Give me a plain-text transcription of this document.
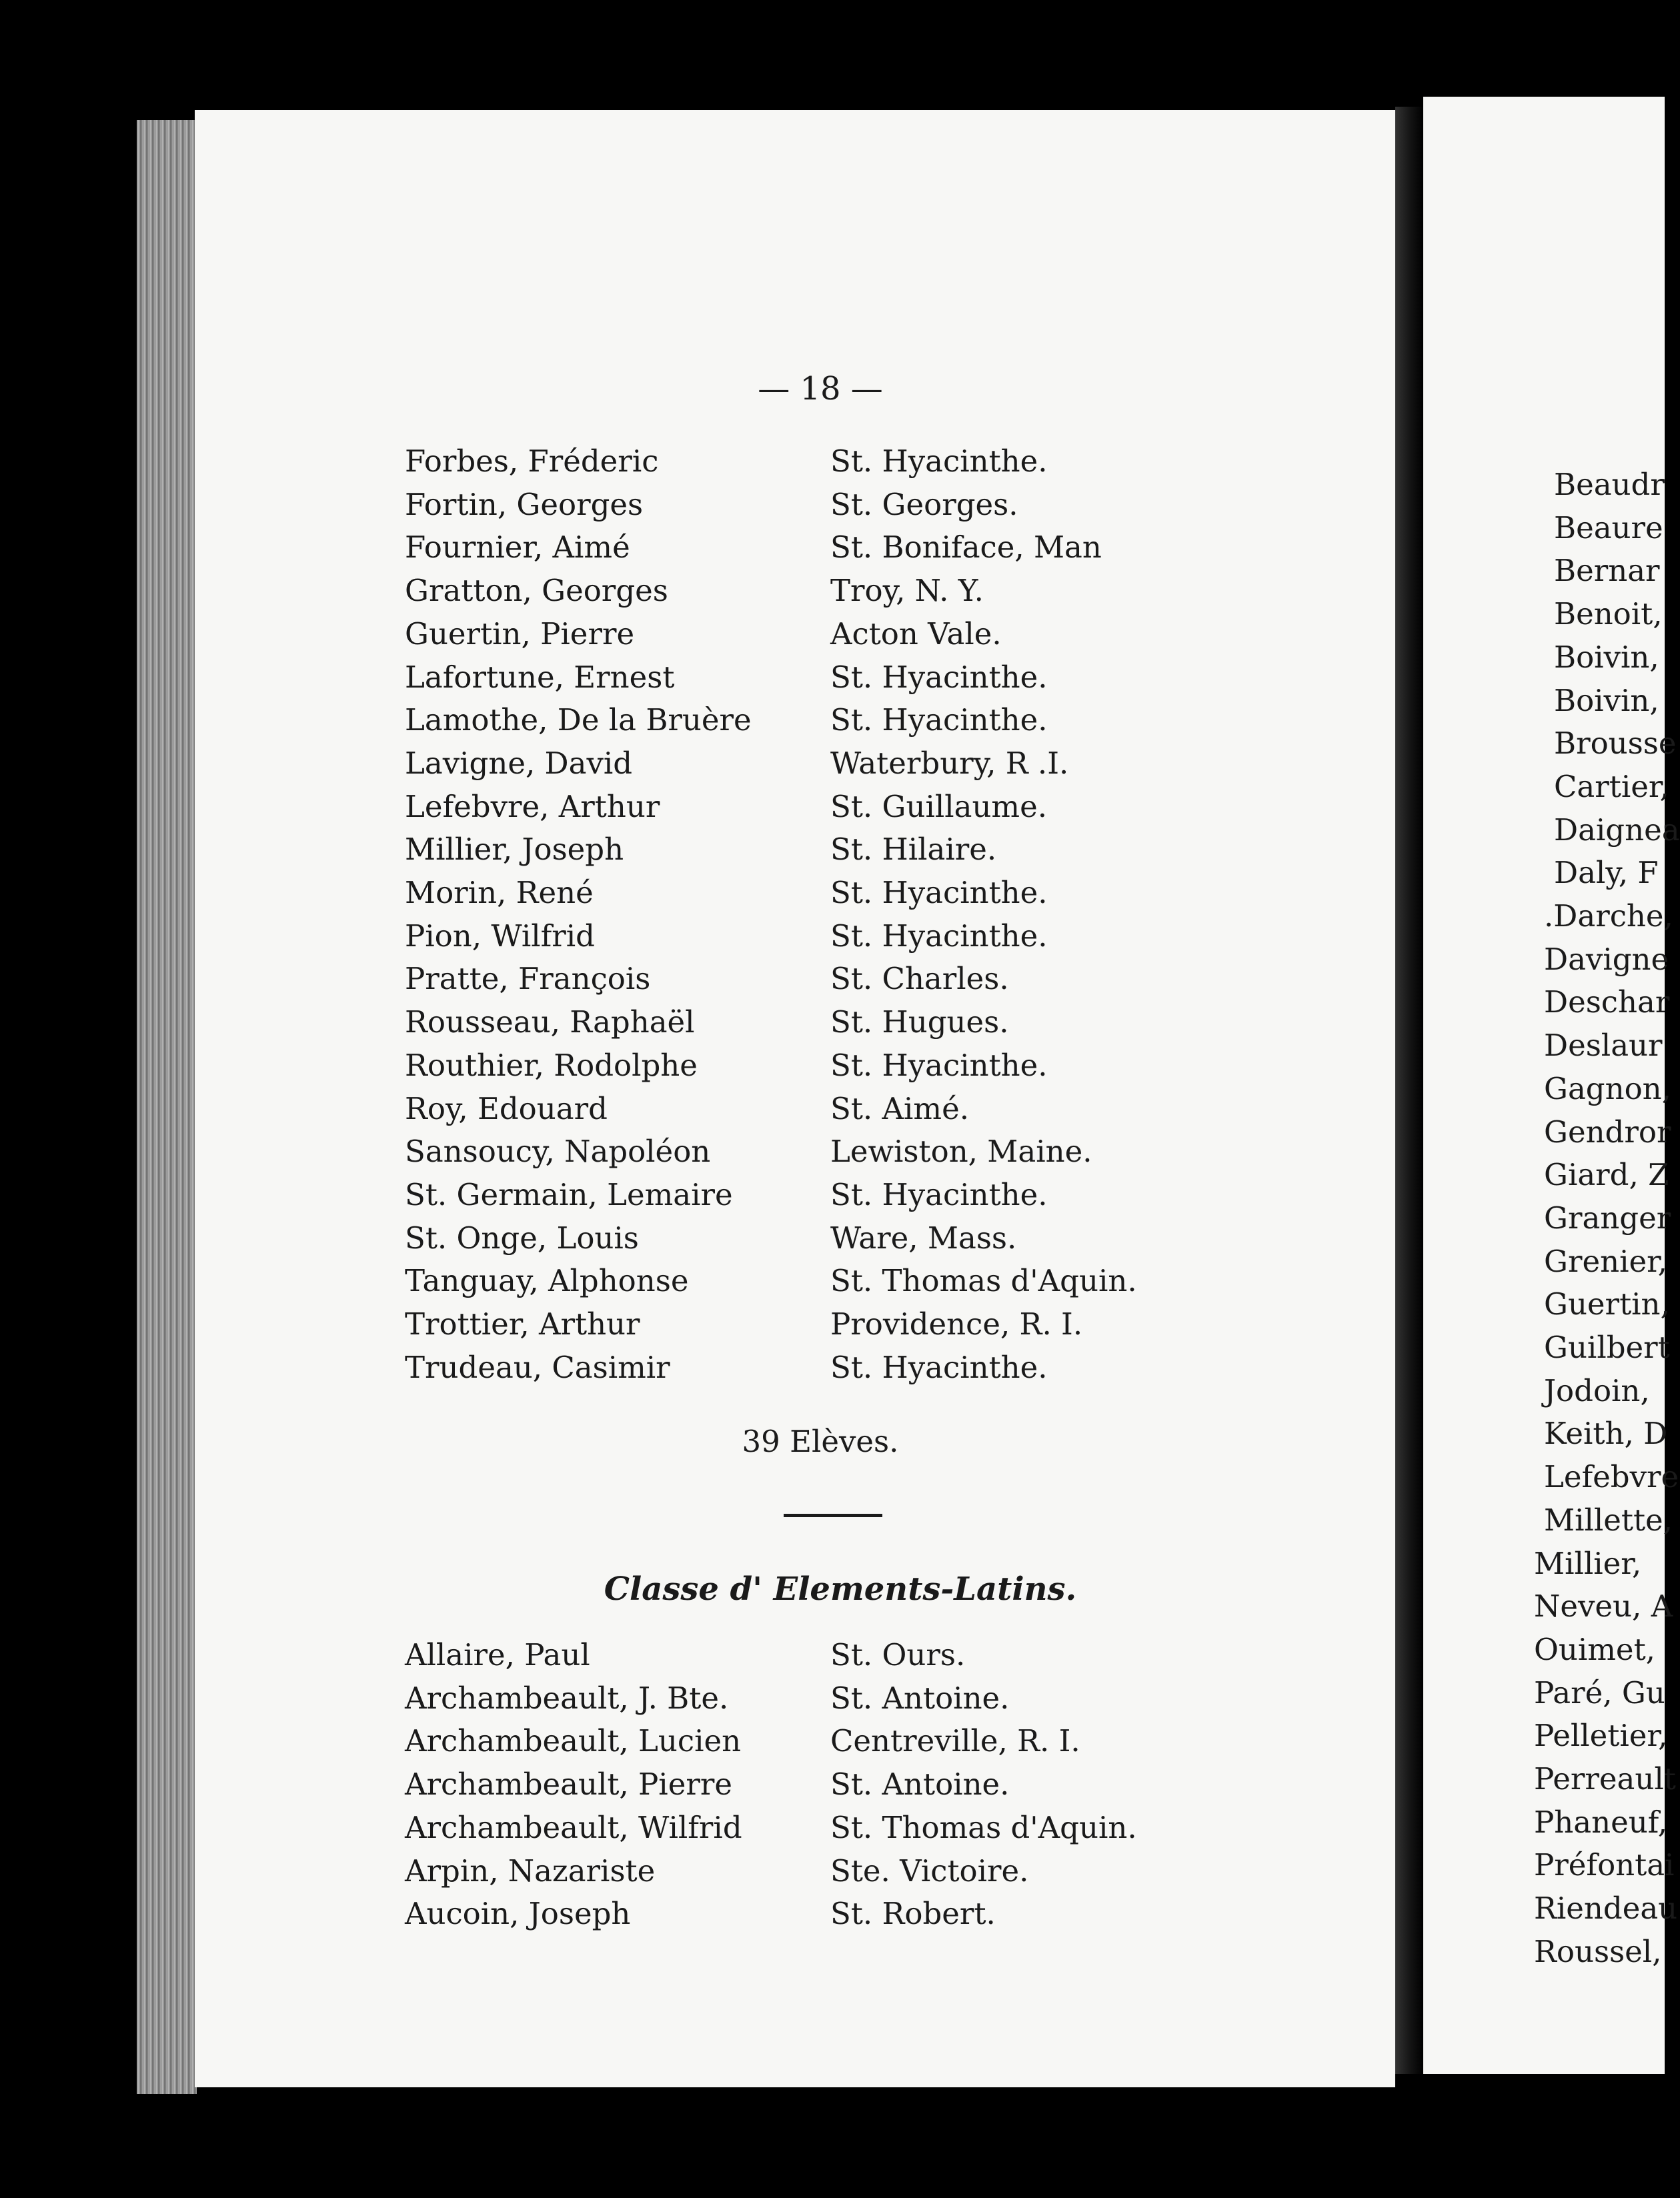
— 18 —
Forbes, Fréderic	St. Hyacinthe.
Fortin, Georges	St. Georges.
Fournier, Aimé	St. Boniface, Man
Gratton, Georges	Troy, N. Y.
Guertin, Pierre	Acton Vale.
Lafortune, Ernest	St. Hyacinthe.
Lamothe, De la Bruère	St. Hyacinthe.
Lavigne, David	Waterbury, R .I.
Lefebvre, Arthur	St. Guillaume.
Millier, Joseph	St. Hilaire.
Morin, René	St. Hyacinthe.
Pion, Wilfrid	St. Hyacinthe.
Pratte, François	St. Charles.
Rousseau, Raphaël	St. Hugues.
Routhier, Rodolphe	St. Hyacinthe.
Roy, Edouard	St. Aimé.
Sansoucy, Napoléon	Lewiston, Maine.
St. Germain, Lemaire	St. Hyacinthe.
St. Onge, Louis	Ware, Mass.
Tanguay, Alphonse	St. Thomas d'Aquin.
Trottier, Arthur	Providence, R. I.
Trudeau, Casimir	St. Hyacinthe.
39 Elèves.
Classe d' Elements-Latins.
Allaire, Paul	St. Ours.
Archambeault, J. Bte.	St. Antoine.
Archambeault, Lucien	Centreville, R. I.
Archambeault, Pierre	St. Antoine.
Archambeault, Wilfrid	St. Thomas d'Aquin.
Arpin, Nazariste	Ste. Victoire.
Aucoin, Joseph	St. Robert.
Beaudr
Beaure
Bernar
Benoit,
Boivin,
Boivin,
Brousse
Cartier,
Daignea
Daly, F
.Darche,
Davigne
Deschar
Deslaur
Gagnon,
Gendror
Giard, Z
Granger
Grenier,
Guertin,
Guilbert
Jodoin,
Keith, D
Lefebvre
Millette,
Millier,
Neveu, A
Ouimet,
Paré, Gu
Pelletier,
Perreault
Phaneuf,
Préfontai
Riendeau
Roussel,
